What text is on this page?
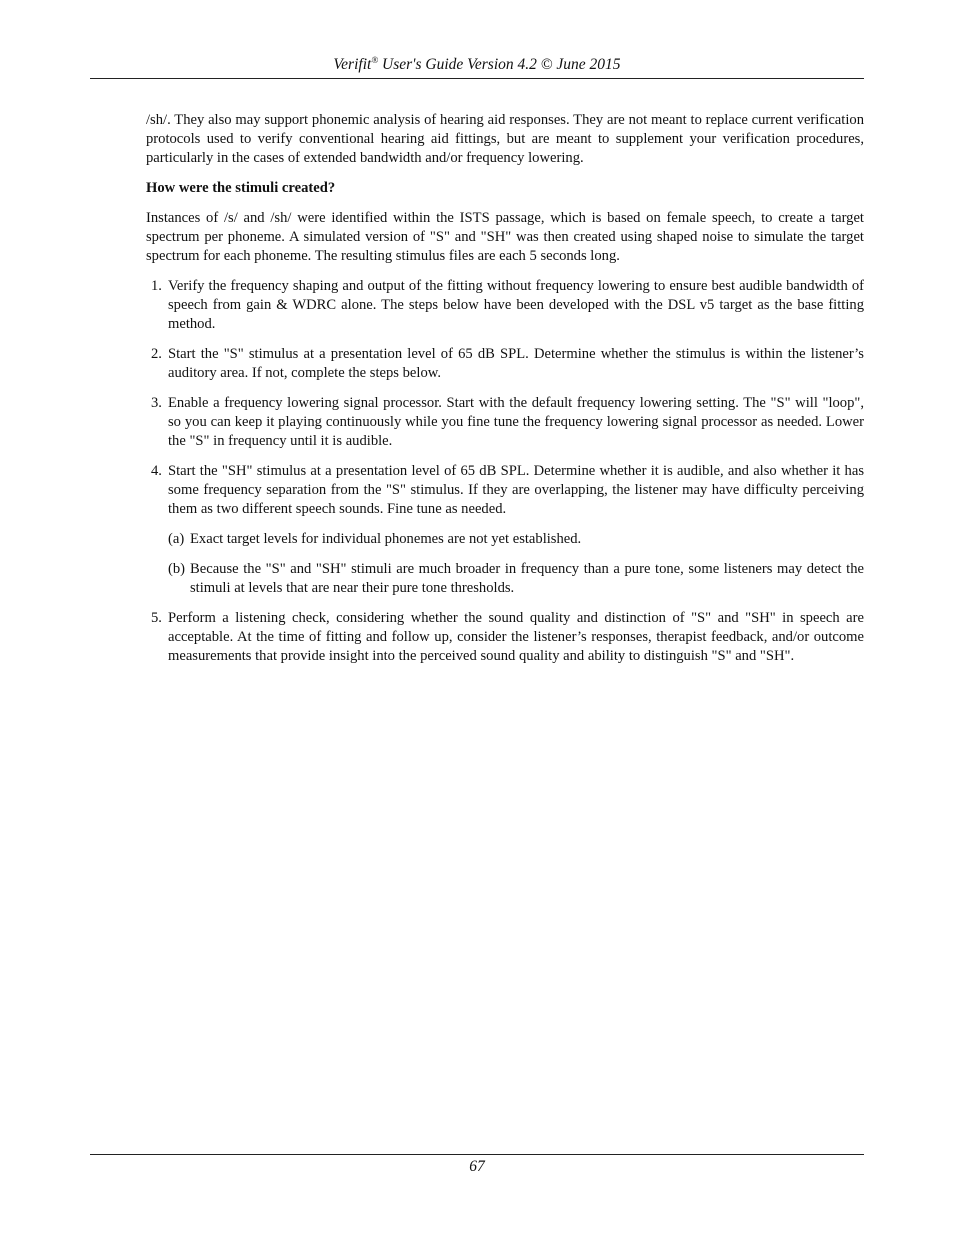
Verifit® User's Guide Version 4.2 © June 2015

/sh/. They also may support phonemic analysis of hearing aid responses. They are not meant to replace current verification protocols used to verify conventional hearing aid fittings, but are meant to supplement your verification procedures, particularly in the cases of extended bandwidth and/or frequency lowering.

How were the stimuli created?

Instances of /s/ and /sh/ were identified within the ISTS passage, which is based on female speech, to create a target spectrum per phoneme. A simulated version of "S" and "SH" was then created using shaped noise to simulate the target spectrum for each phoneme. The resulting stimulus files are each 5 seconds long.

1. Verify the frequency shaping and output of the fitting without frequency lowering to ensure best audible bandwidth of speech from gain & WDRC alone. The steps below have been developed with the DSL v5 target as the base fitting method.
2. Start the "S" stimulus at a presentation level of 65 dB SPL. Determine whether the stimulus is within the listener’s auditory area. If not, complete the steps below.
3. Enable a frequency lowering signal processor. Start with the default frequency lowering setting. The "S" will "loop", so you can keep it playing continuously while you fine tune the frequency lowering signal processor as needed. Lower the "S" in frequency until it is audible.
4. Start the "SH" stimulus at a presentation level of 65 dB SPL. Determine whether it is audible, and also whether it has some frequency separation from the "S" stimulus. If they are overlapping, the listener may have difficulty perceiving them as two different speech sounds. Fine tune as needed.
(a) Exact target levels for individual phonemes are not yet established.
(b) Because the "S" and "SH" stimuli are much broader in frequency than a pure tone, some listeners may detect the stimuli at levels that are near their pure tone thresholds.
5. Perform a listening check, considering whether the sound quality and distinction of "S" and "SH" in speech are acceptable. At the time of fitting and follow up, consider the listener’s responses, therapist feedback, and/or outcome measurements that provide insight into the perceived sound quality and ability to distinguish "S" and "SH".
67
